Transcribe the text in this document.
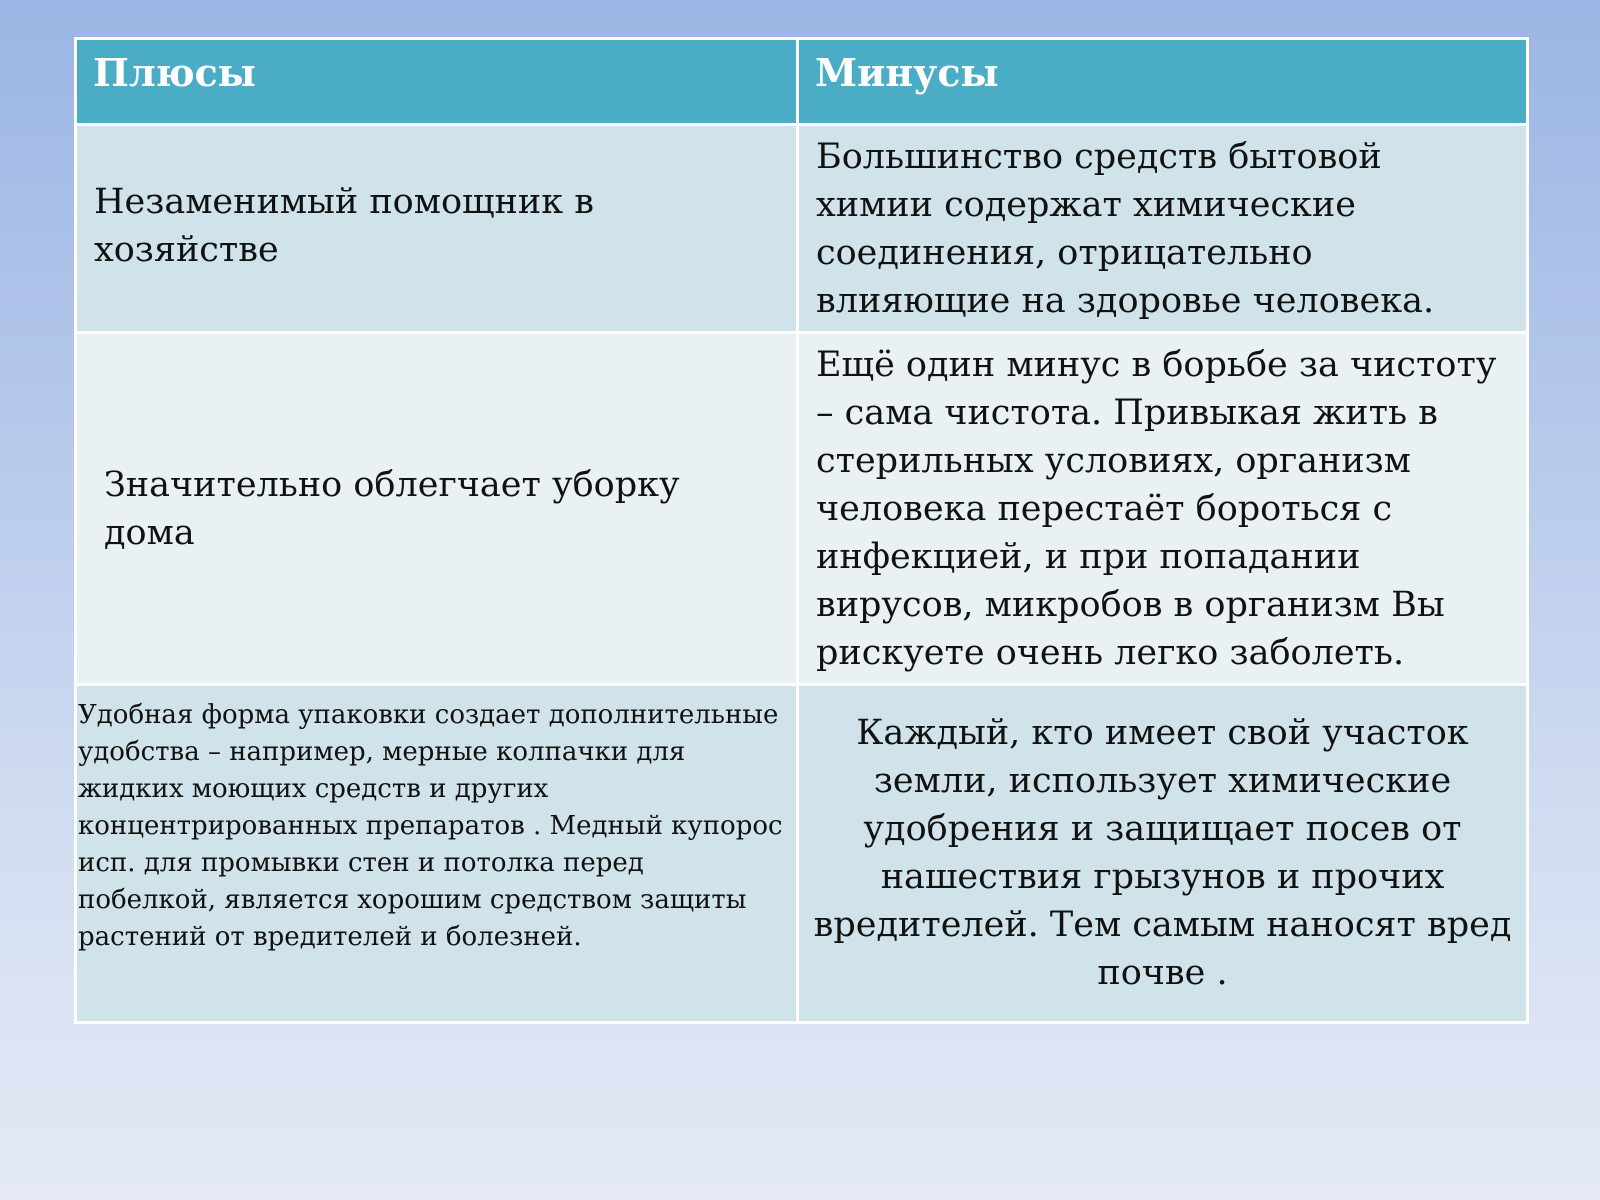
Плюсы	Минусы

Незаменимый помощник в хозяйстве	Большинство средств бытовой химии содержат химические соединения, отрицательно влияющие на здоровье человека.

Значительно облегчает уборку дома	Ещё один минус в борьбе за чистоту – сама чистота. Привыкая жить в стерильных условиях, организм человека перестаёт бороться с инфекцией, и при попадании вирусов, микробов в организм Вы рискуете очень легко заболеть.

Удобная форма упаковки создает дополнительные удобства – например, мерные колпачки для жидких моющих средств и других концентрированных препаратов . Медный купорос исп. для промывки стен и потолка перед побелкой, является хорошим средством защиты растений от вредителей и болезней.	Каждый, кто имеет свой участок земли, использует химические удобрения и защищает посев от нашествия грызунов и прочих вредителей. Тем самым наносят вред почве .
